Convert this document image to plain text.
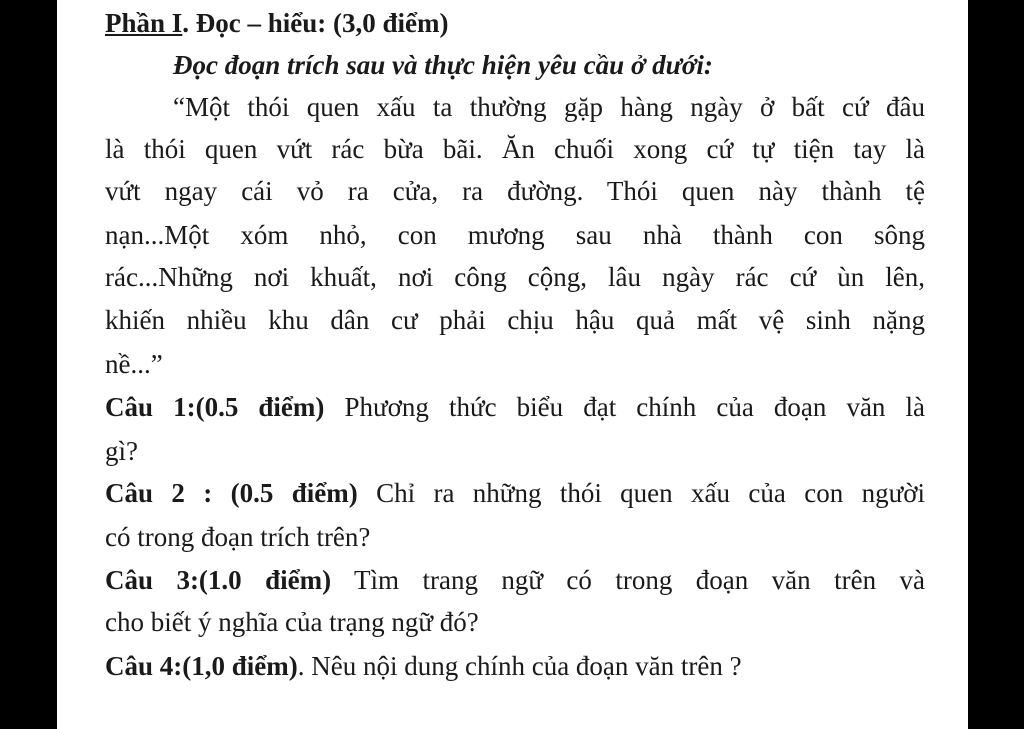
Phần I. Đọc – hiểu: (3,0 điểm)
Đọc đoạn trích sau và thực hiện yêu cầu ở dưới:
“Một thói quen xấu ta thường gặp hàng ngày ở bất cứ đâu
là thói quen vứt rác bừa bãi. Ăn chuối xong cứ tự tiện tay là
vứt ngay cái vỏ ra cửa, ra đường. Thói quen này thành tệ
nạn...Một xóm nhỏ, con mương sau nhà thành con sông
rác...Những nơi khuất, nơi công cộng, lâu ngày rác cứ ùn lên,
khiến nhiều khu dân cư phải chịu hậu quả mất vệ sinh nặng
nề...”
Câu 1:(0.5 điểm) Phương thức biểu đạt chính của đoạn văn là
gì?
Câu 2 : (0.5 điểm) Chỉ ra những thói quen xấu của con người
có trong đoạn trích trên?
Câu 3:(1.0 điểm) Tìm trang ngữ có trong đoạn văn trên và
cho biết ý nghĩa của trạng ngữ đó?
Câu 4:(1,0 điểm). Nêu nội dung chính của đoạn văn trên ?
